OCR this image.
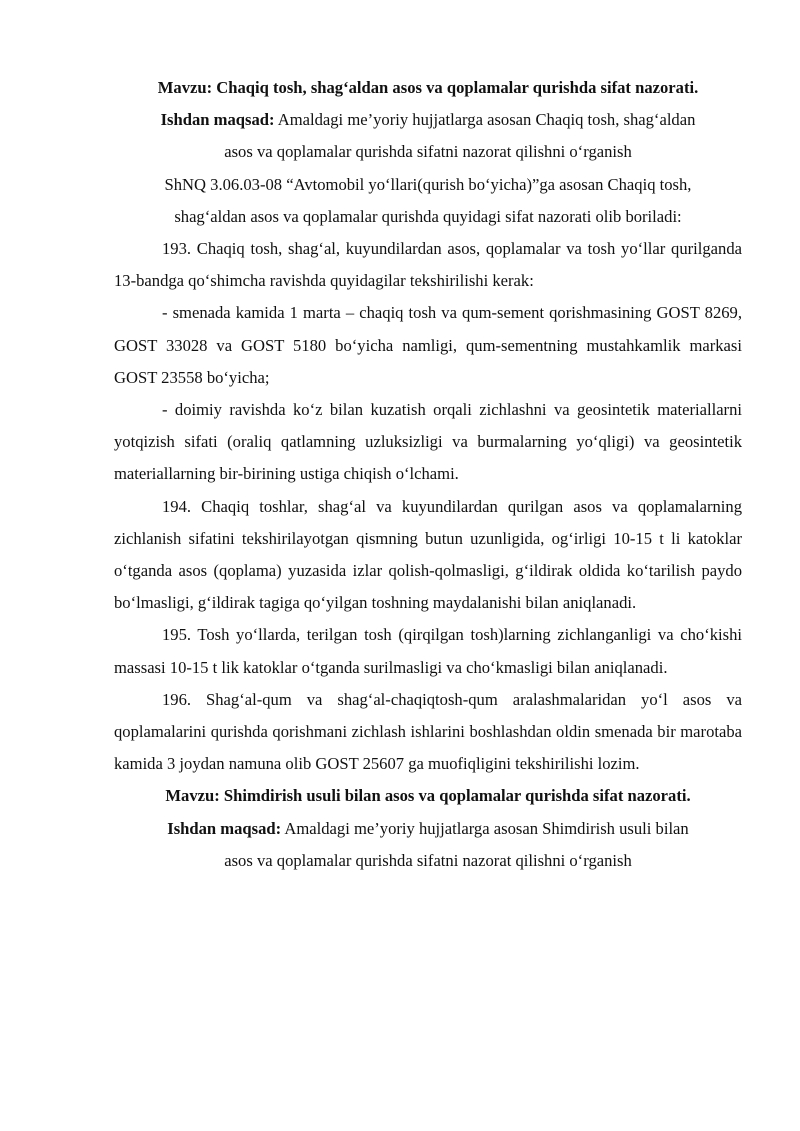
Mavzu: Chaqiq tosh, shag‘aldan asos va qoplamalar qurishda sifat nazorati.

Ishdan maqsad: Amaldagi me’yoriy hujjatlarga asosan Chaqiq tosh, shag‘aldan

asos va qoplamalar qurishda sifatni nazorat qilishni o‘rganish

ShNQ 3.06.03-08 “Avtomobil yo‘llari(qurish bo‘yicha)”ga asosan Chaqiq tosh,

shag‘aldan asos va qoplamalar qurishda quyidagi sifat nazorati olib boriladi:

193. Chaqiq tosh, shag‘al, kuyundilardan asos, qoplamalar va tosh yo‘llar qurilganda 13-bandga qo‘shimcha ravishda quyidagilar tekshirilishi kerak:

- smenada kamida 1 marta – chaqiq tosh va qum-sement qorishmasining GOST 8269, GOST 33028 va GOST 5180 bo‘yicha namligi, qum-sementning mustahkamlik markasi GOST 23558 bo‘yicha;

- doimiy ravishda ko‘z bilan kuzatish orqali zichlashni va geosintetik materiallarni yotqizish sifati (oraliq qatlamning uzluksizligi va burmalarning yo‘qligi) va geosintetik materiallarning bir-birining ustiga chiqish o‘lchami.

194. Chaqiq toshlar, shag‘al va kuyundilardan qurilgan asos va qoplamalarning zichlanish sifatini tekshirilayotgan qismning butun uzunligida, og‘irligi 10-15 t li katoklar o‘tganda asos (qoplama) yuzasida izlar qolish-qolmasligi, g‘ildirak oldida ko‘tarilish paydo bo‘lmasligi, g‘ildirak tagiga qo‘yilgan toshning maydalanishi bilan aniqlanadi.

195. Tosh yo‘llarda, terilgan tosh (qirqilgan tosh)larning zichlanganligi va cho‘kishi massasi 10-15 t lik katoklar o‘tganda surilmasligi va cho‘kmasligi bilan aniqlanadi.

196. Shag‘al-qum va shag‘al-chaqiqtosh-qum aralashmalaridan yo‘l asos va qoplamalarini qurishda qorishmani zichlash ishlarini boshlashdan oldin smenada bir marotaba kamida 3 joydan namuna olib GOST 25607 ga muofiqligini tekshirilishi lozim.

Mavzu: Shimdirish usuli bilan asos va qoplamalar qurishda sifat nazorati.

Ishdan maqsad: Amaldagi me’yoriy hujjatlarga asosan Shimdirish usuli bilan

asos va qoplamalar qurishda sifatni nazorat qilishni o‘rganish
